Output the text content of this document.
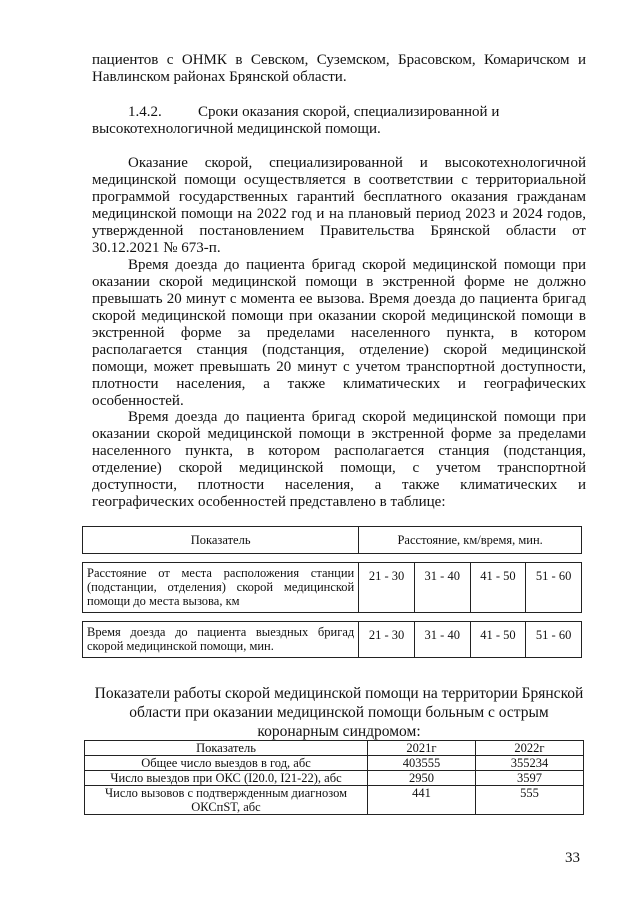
пациентов с ОНМК в Севском, Суземском, Брасовском, Комаричском и Навлинском районах Брянской области.

1.4.2. Сроки оказания скорой, специализированной и высокотехнологичной медицинской помощи.

Оказание скорой, специализированной и высокотехнологичной медицинской помощи осуществляется в соответствии с территориальной программой государственных гарантий бесплатного оказания гражданам медицинской помощи на 2022 год и на плановый период 2023 и 2024 годов, утвержденной постановлением Правительства Брянской области от 30.12.2021 № 673-п.

Время доезда до пациента бригад скорой медицинской помощи при оказании скорой медицинской помощи в экстренной форме не должно превышать 20 минут с момента ее вызова. Время доезда до пациента бригад скорой медицинской помощи при оказании скорой медицинской помощи в экстренной форме за пределами населенного пункта, в котором располагается станция (подстанция, отделение) скорой медицинской помощи, может превышать 20 минут с учетом транспортной доступности, плотности населения, а также климатических и географических особенностей.

Время доезда до пациента бригад скорой медицинской помощи при оказании скорой медицинской помощи в экстренной форме за пределами населенного пункта, в котором располагается станция (подстанция, отделение) скорой медицинской помощи, с учетом транспортной доступности, плотности населения, а также климатических и географических особенностей представлено в таблице:

Показатель	Расстояние, км/время, мин.			

Расстояние от места расположения станции (подстанции, отделения) скорой медицинской помощи до места вызова, км	21 - 30	31 - 40	41 - 50	51 - 60

Время доезда до пациента выездных бригад скорой медицинской помощи, мин.	21 - 30	31 - 40	41 - 50	51 - 60

Показатели работы скорой медицинской помощи на территории Брянской области при оказании медицинской помощи больным с острым коронарным синдромом:

Показатель	2021г	2022г
Общее число выездов в год, абс	403555	355234
Число выездов при ОКС (I20.0, I21-22), абс	2950	3597
Число вызовов с подтвержденным диагнозом ОКСпST, абс	441	555
33
